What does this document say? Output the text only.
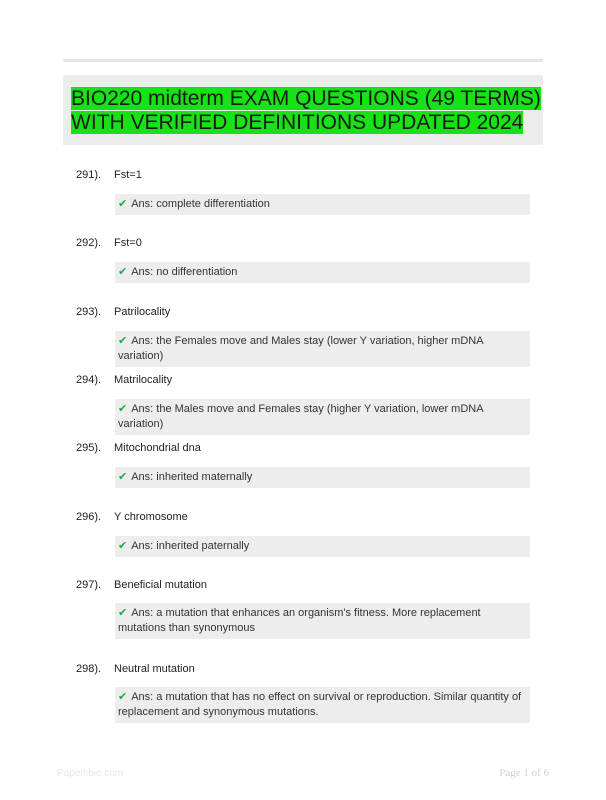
BIO220 midterm EXAM QUESTIONS (49 TERMS)
WITH VERIFIED DEFINITIONS UPDATED 2024
291). Fst=1
✔ Ans: complete differentiation
292). Fst=0
✔ Ans: no differentiation
293). Patrilocality
✔ Ans: the Females move and Males stay (lower Y variation, higher mDNA variation)
294). Matrilocality
✔ Ans: the Males move and Females stay (higher Y variation, lower mDNA variation)
295). Mitochondrial dna
✔ Ans: inherited maternally
296). Y chromosome
✔ Ans: inherited paternally
297). Beneficial mutation
✔ Ans: a mutation that enhances an organism's fitness. More replacement mutations than synonymous
298). Neutral mutation
✔ Ans: a mutation that has no effect on survival or reproduction. Similar quantity of replacement and synonymous mutations.
Paperlibie.com	Page 1 of 6
